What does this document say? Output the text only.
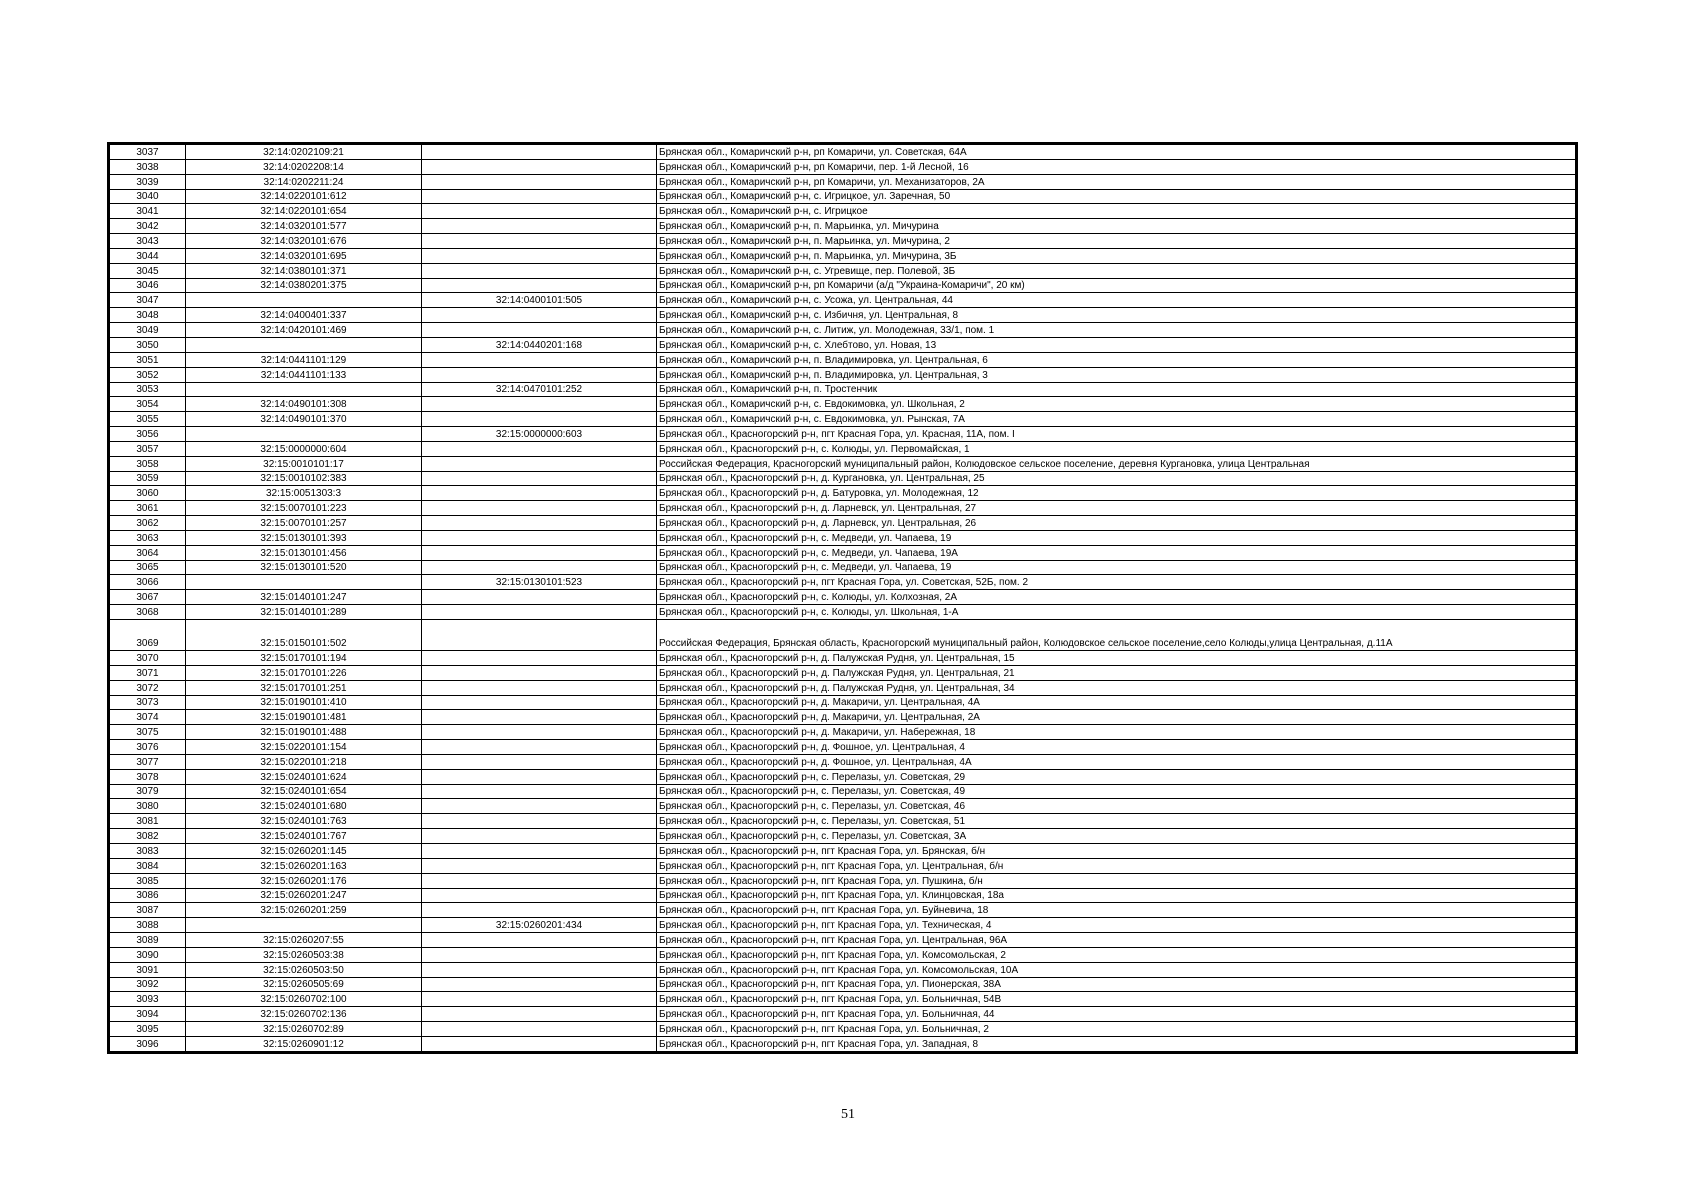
3037	32:14:0202109:21		Брянская обл., Комаричский р-н, рп Комаричи, ул. Советская, 64А
3038	32:14:0202208:14		Брянская обл., Комаричский р-н, рп Комаричи, пер. 1-й Лесной, 16
3039	32:14:0202211:24		Брянская обл., Комаричский р-н, рп Комаричи, ул. Механизаторов, 2А
3040	32:14:0220101:612		Брянская обл., Комаричский р-н, с. Игрицкое, ул. Заречная, 50
3041	32:14:0220101:654		Брянская обл., Комаричский р-н, с. Игрицкое
3042	32:14:0320101:577		Брянская обл., Комаричский р-н, п. Марьинка, ул. Мичурина
3043	32:14:0320101:676		Брянская обл., Комаричский р-н, п. Марьинка, ул. Мичурина, 2
3044	32:14:0320101:695		Брянская обл., Комаричский р-н, п. Марьинка, ул. Мичурина, 3Б
3045	32:14:0380101:371		Брянская обл., Комаричский р-н, с. Угревище, пер. Полевой, 3Б
3046	32:14:0380201:375		Брянская обл., Комаричский р-н, рп Комаричи (а/д "Украина-Комаричи", 20 км)
3047		32:14:0400101:505	Брянская обл., Комаричский р-н, с. Усожа, ул. Центральная, 44
3048	32:14:0400401:337		Брянская обл., Комаричский р-н, с. Избичня, ул. Центральная, 8
3049	32:14:0420101:469		Брянская обл., Комаричский р-н, с. Литиж, ул. Молодежная, 33/1, пом. 1
3050		32:14:0440201:168	Брянская обл., Комаричский р-н, с. Хлебтово, ул. Новая, 13
3051	32:14:0441101:129		Брянская обл., Комаричский р-н, п. Владимировка, ул. Центральная, 6
3052	32:14:0441101:133		Брянская обл., Комаричский р-н, п. Владимировка, ул. Центральная, 3
3053		32:14:0470101:252	Брянская обл., Комаричский р-н, п. Тростенчик
3054	32:14:0490101:308		Брянская обл., Комаричский р-н, с. Евдокимовка, ул. Школьная, 2
3055	32:14:0490101:370		Брянская обл., Комаричский р-н, с. Евдокимовка, ул. Рынская, 7А
3056		32:15:0000000:603	Брянская обл., Красногорский р-н, пгт Красная Гора, ул. Красная, 11А, пом. I
3057	32:15:0000000:604		Брянская обл., Красногорский р-н, с. Колюды, ул. Первомайская, 1
3058	32:15:0010101:17		Российская Федерация, Красногорский муниципальный район, Колюдовское сельское поселение, деревня Кургановка, улица Центральная
3059	32:15:0010102:383		Брянская обл., Красногорский р-н, д. Кургановка, ул. Центральная, 25
3060	32:15:0051303:3		Брянская обл., Красногорский р-н, д. Батуровка, ул. Молодежная, 12
3061	32:15:0070101:223		Брянская обл., Красногорский р-н, д. Ларневск, ул. Центральная, 27
3062	32:15:0070101:257		Брянская обл., Красногорский р-н, д. Ларневск, ул. Центральная, 26
3063	32:15:0130101:393		Брянская обл., Красногорский р-н, с. Медведи, ул. Чапаева, 19
3064	32:15:0130101:456		Брянская обл., Красногорский р-н, с. Медведи, ул. Чапаева, 19А
3065	32:15:0130101:520		Брянская обл., Красногорский р-н, с. Медведи, ул. Чапаева, 19
3066		32:15:0130101:523	Брянская обл., Красногорский р-н, пгт Красная Гора, ул. Советская, 52Б, пом. 2
3067	32:15:0140101:247		Брянская обл., Красногорский р-н, с. Колюды, ул. Колхозная, 2А
3068	32:15:0140101:289		Брянская обл., Красногорский р-н, с. Колюды, ул. Школьная, 1-А
3069	32:15:0150101:502		Российская Федерация, Брянская область, Красногорский муниципальный район, Колюдовское сельское поселение,село Колюды,улица Центральная, д.11А
3070	32:15:0170101:194		Брянская обл., Красногорский р-н, д. Палужская Рудня, ул. Центральная, 15
3071	32:15:0170101:226		Брянская обл., Красногорский р-н, д. Палужская Рудня, ул. Центральная, 21
3072	32:15:0170101:251		Брянская обл., Красногорский р-н, д. Палужская Рудня, ул. Центральная, 34
3073	32:15:0190101:410		Брянская обл., Красногорский р-н, д. Макаричи, ул. Центральная, 4А
3074	32:15:0190101:481		Брянская обл., Красногорский р-н, д. Макаричи, ул. Центральная, 2А
3075	32:15:0190101:488		Брянская обл., Красногорский р-н, д. Макаричи, ул. Набережная, 18
3076	32:15:0220101:154		Брянская обл., Красногорский р-н, д. Фошное, ул. Центральная, 4
3077	32:15:0220101:218		Брянская обл., Красногорский р-н, д. Фошное, ул. Центральная, 4А
3078	32:15:0240101:624		Брянская обл., Красногорский р-н, с. Перелазы, ул. Советская, 29
3079	32:15:0240101:654		Брянская обл., Красногорский р-н, с. Перелазы, ул. Советская, 49
3080	32:15:0240101:680		Брянская обл., Красногорский р-н, с. Перелазы, ул. Советская, 46
3081	32:15:0240101:763		Брянская обл., Красногорский р-н, с. Перелазы, ул. Советская, 51
3082	32:15:0240101:767		Брянская обл., Красногорский р-н, с. Перелазы, ул. Советская, 3А
3083	32:15:0260201:145		Брянская обл., Красногорский р-н, пгт Красная Гора, ул. Брянская, б/н
3084	32:15:0260201:163		Брянская обл., Красногорский р-н, пгт Красная Гора, ул. Центральная, б/н
3085	32:15:0260201:176		Брянская обл., Красногорский р-н, пгт Красная Гора, ул. Пушкина, б/н
3086	32:15:0260201:247		Брянская обл., Красногорский р-н, пгт Красная Гора, ул. Клинцовская, 18а
3087	32:15:0260201:259		Брянская обл., Красногорский р-н, пгт Красная Гора, ул. Буйневича, 18
3088		32:15:0260201:434	Брянская обл., Красногорский р-н, пгт Красная Гора, ул. Техническая, 4
3089	32:15:0260207:55		Брянская обл., Красногорский р-н, пгт Красная Гора, ул. Центральная, 96А
3090	32:15:0260503:38		Брянская обл., Красногорский р-н, пгт Красная Гора, ул. Комсомольская, 2
3091	32:15:0260503:50		Брянская обл., Красногорский р-н, пгт Красная Гора, ул. Комсомольская, 10А
3092	32:15:0260505:69		Брянская обл., Красногорский р-н, пгт Красная Гора, ул. Пионерская, 38А
3093	32:15:0260702:100		Брянская обл., Красногорский р-н, пгт Красная Гора, ул. Больничная, 54В
3094	32:15:0260702:136		Брянская обл., Красногорский р-н, пгт Красная Гора, ул. Больничная, 44
3095	32:15:0260702:89		Брянская обл., Красногорский р-н, пгт Красная Гора, ул. Больничная, 2
3096	32:15:0260901:12		Брянская обл., Красногорский р-н, пгт Красная Гора, ул. Западная, 8
51
